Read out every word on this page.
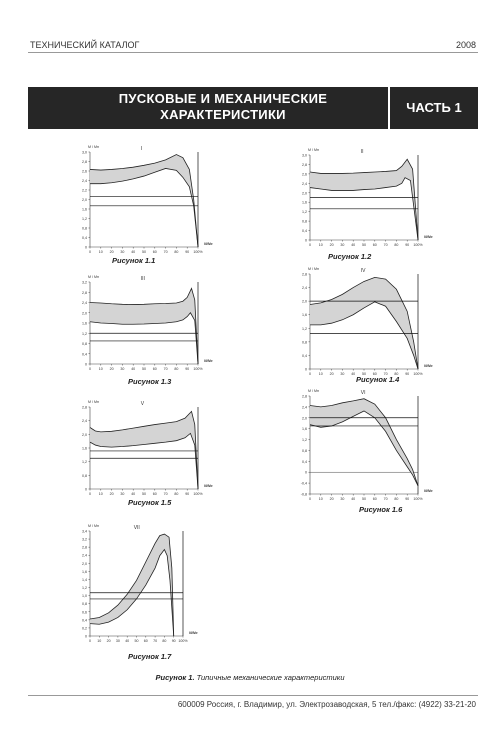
ТЕХНИЧЕСКИЙ КАТАЛОГ	2008
ПУСКОВЫЕ И МЕХАНИЧЕСКИЕ ХАРАКТЕРИСТИКИ	ЧАСТЬ 1
3,0
2,8
2,6
2,4
2,2
2,0
1,6
1,2
0,8
0,4
0
0 10 20 30 40 50 60 70 80 90 100%
M / Mн
N/Nc
I
Рисунок 1.1
3,0
2,8
2,6
2,4
2,0
1,6
1,2
0,8
0,4
0
0 10 20 30 40 50 60 70 80 90 100%
M / Mн
N/Nc
II
Рисунок 1.2
3,2
2,8
2,4
2,0
1,6
1,2
0,8
0,4
0
0 10 20 30 40 50 60 70 80 90 100%
M / Mн
N/Nc
III
Рисунок 1.3
2,8
2,4
2,0
1,6
1,2
0,8
0,4
0
0 10 20 30 40 50 60 70 80 90 100%
M / Mн
N/Nc
IV
Рисунок 1.4
2,8
2,4
2,0
1,6
1,2
0,8
0
0 10 20 30 40 50 60 70 80 90 100%
M / Mн
N/Nc
V
Рисунок 1.5
2,8
2,4
2,0
1,6
1,2
0,8
0,4
0
-0,4
-0,8
0 10 20 30 40 50 60 70 80 90 100%
M / Mн
N/Nc
VI
Рисунок 1.6
3,4
3,2
2,8
2,4
2,0
1,6
1,4
1,2
1,0
0,8
0,6
0,4
0,2
0
0 10 20 30 40 50 60 70 80 90 100%
M / Mн
N/Nc
VII
Рисунок 1.7
Рисунок 1. Типичные механические характеристики
600009 Россия, г. Владимир, ул. Электрозаводская, 5 тел./факс: (4922) 33-21-20
